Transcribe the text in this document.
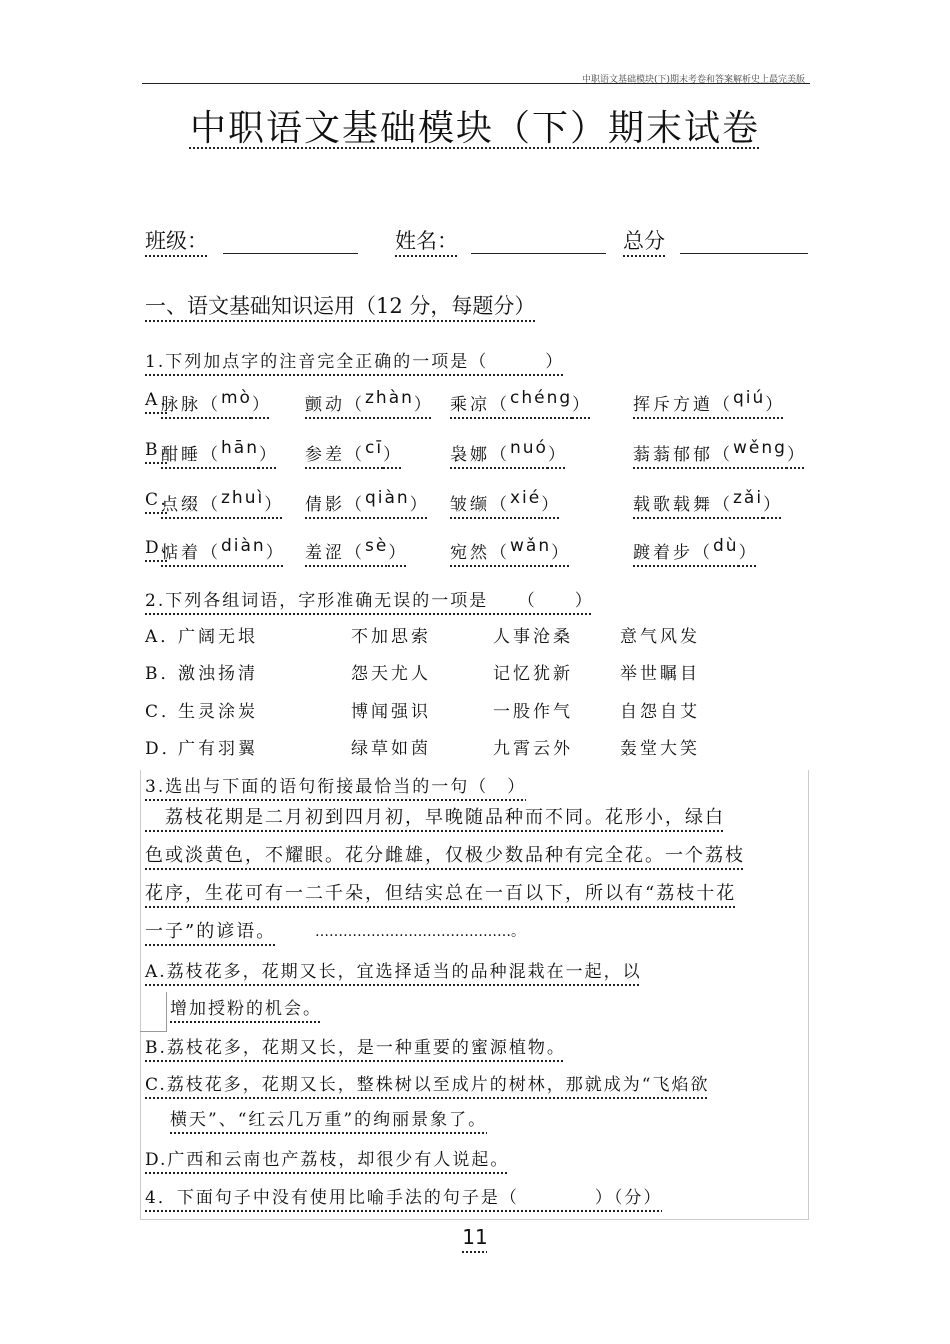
中职语文基础模块(下)期末考卷和答案解析史上最完美版
中职语文基础模块（下）期末试卷
班级：	姓名：	总分
一、语文基础知识运用（12 分，每题分）
1.下列加点字的注音完全正确的一项是（　　　）
A.
脉脉（mò） 颤动（zhàn） 乘凉（chéng） 挥斥方遒（qiú）
B.
酣睡（hān） 参差（cī）	袅娜（nuó）	蓊蓊郁郁（wěng）
C.
点缀（zhuì） 倩影（qiàn） 皱缬（xié）	载歌载舞（zǎi）
D.
惦着（diàn） 羞涩（sè） 宛然（wǎn）	踱着步（dù）
2.下列各组词语，字形准确无误的一项是　　（　　）
A．
广阔无垠	不加思索	人事沧桑	意气风发
B．
激浊扬清	怨天尤人	记忆犹新	举世瞩目
C．
生灵涂炭	博闻强识	一股作气	自怨自艾
D．
广有羽翼	绿草如茵	九霄云外	轰堂大笑
3.选出与下面的语句衔接最恰当的一句（　）
　荔枝花期是二月初到四月初，早晚随品种而不同。花形小，绿白
色或淡黄色，不耀眼。花分雌雄，仅极少数品种有完全花。一个荔枝
花序，生花可有一二千朵，但结实总在一百以下，所以有“荔枝十花
一子”的谚语。	……………………………………。
A.荔枝花多，花期又长，宜选择适当的品种混栽在一起，以
增加授粉的机会。
B.荔枝花多，花期又长，是一种重要的蜜源植物。
C.荔枝花多，花期又长，整株树以至成片的树林，那就成为“飞焰欲
横天”、“红云几万重”的绚丽景象了。
D.广西和云南也产荔枝，却很少有人说起。
4．下面句子中没有使用比喻手法的句子是（　　　　）（分）
11
